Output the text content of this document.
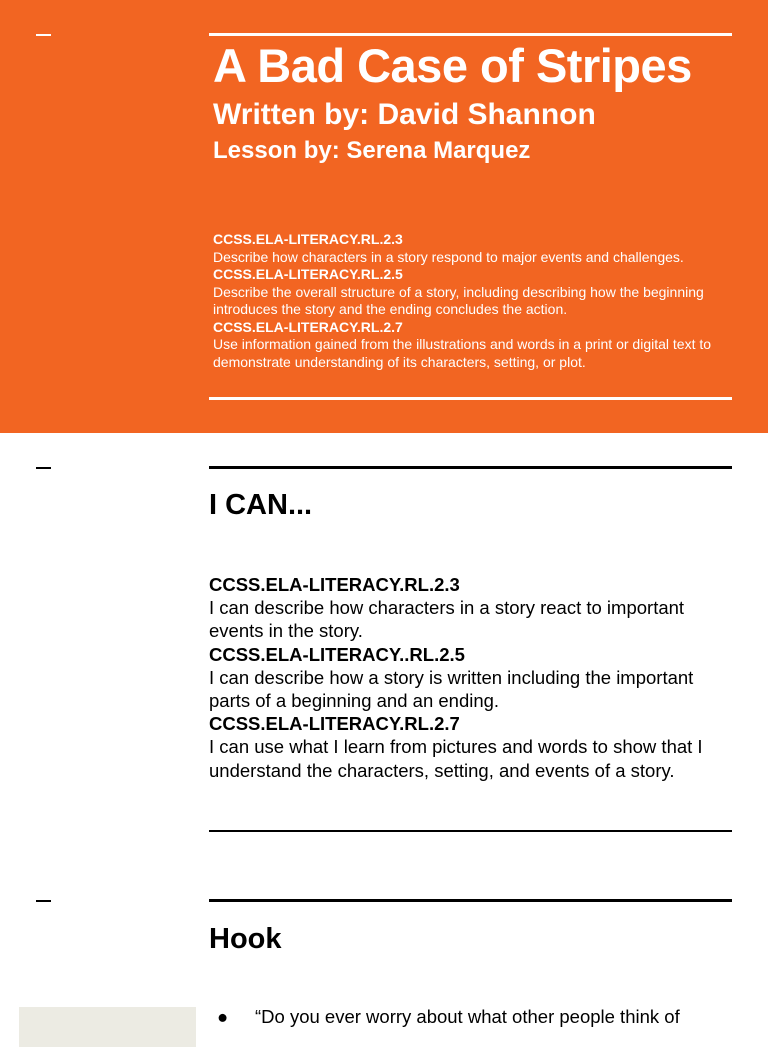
A Bad Case of Stripes
Written by: David Shannon
Lesson by: Serena Marquez
CCSS.ELA-LITERACY.RL.2.3
Describe how characters in a story respond to major events and challenges.
CCSS.ELA-LITERACY.RL.2.5
Describe the overall structure of a story, including describing how the beginning introduces the story and the ending concludes the action.
CCSS.ELA-LITERACY.RL.2.7
Use information gained from the illustrations and words in a print or digital text to demonstrate understanding of its characters, setting, or plot.
I CAN...
CCSS.ELA-LITERACY.RL.2.3
I can describe how characters in a story react to important events in the story.
CCSS.ELA-LITERACY..RL.2.5
I can describe how a story is written including the important parts of a beginning and an ending.
CCSS.ELA-LITERACY.RL.2.7
I can use what I learn from pictures and words to show that I understand the characters, setting, and events of a story.
Hook
● “Do you ever worry about what other people think of
